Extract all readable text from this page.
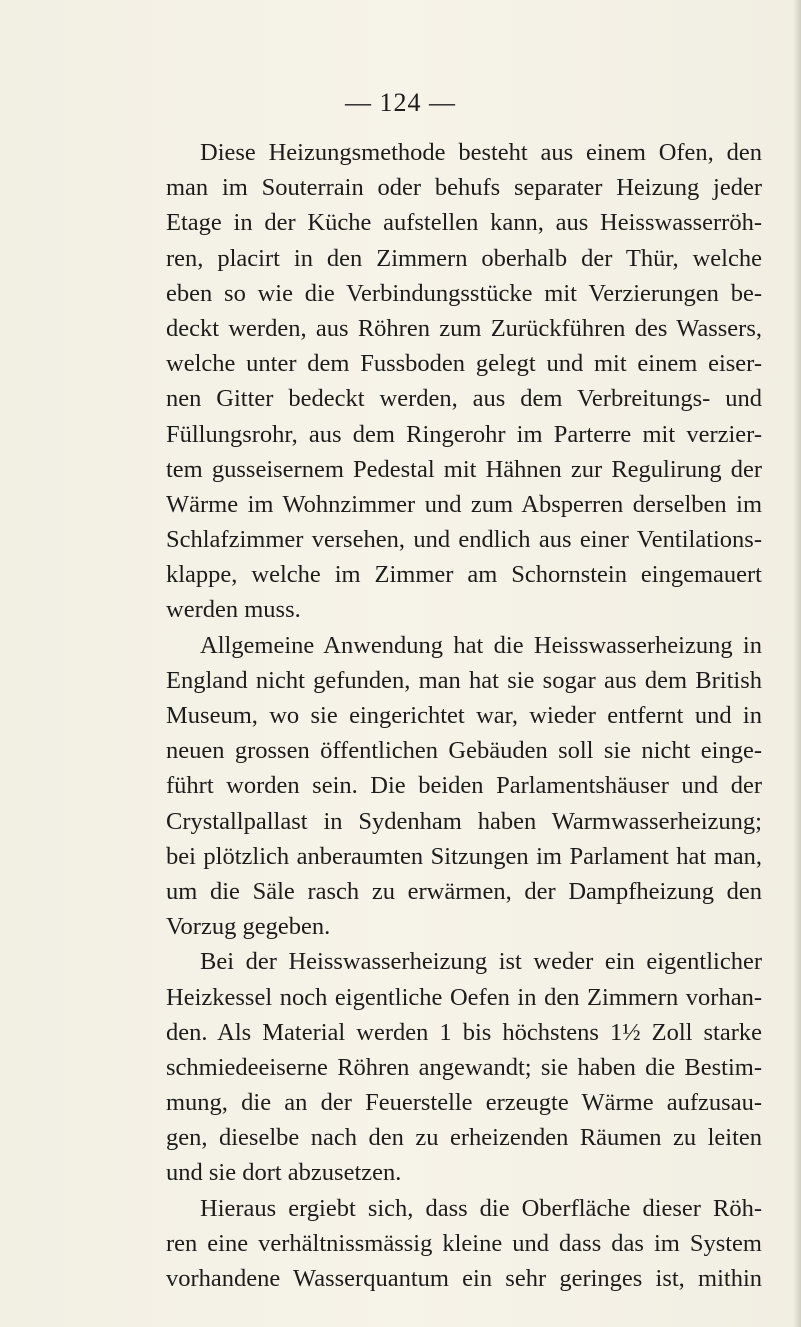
— 124 —
Diese Heizungsmethode besteht aus einem Ofen, den
man im Souterrain oder behufs separater Heizung jeder
Etage in der Küche aufstellen kann, aus Heisswasserröh-
ren, placirt in den Zimmern oberhalb der Thür, welche
eben so wie die Verbindungsstücke mit Verzierungen be-
deckt werden, aus Röhren zum Zurückführen des Wassers,
welche unter dem Fussboden gelegt und mit einem eiser-
nen Gitter bedeckt werden, aus dem Verbreitungs- und
Füllungsrohr, aus dem Ringerohr im Parterre mit verzier-
tem gusseisernem Pedestal mit Hähnen zur Regulirung der
Wärme im Wohnzimmer und zum Absperren derselben im
Schlafzimmer versehen, und endlich aus einer Ventilations-
klappe, welche im Zimmer am Schornstein eingemauert
werden muss.
Allgemeine Anwendung hat die Heisswasserheizung in
England nicht gefunden, man hat sie sogar aus dem British
Museum, wo sie eingerichtet war, wieder entfernt und in
neuen grossen öffentlichen Gebäuden soll sie nicht einge-
führt worden sein. Die beiden Parlamentshäuser und der
Crystallpallast in Sydenham haben Warmwasserheizung;
bei plötzlich anberaumten Sitzungen im Parlament hat man,
um die Säle rasch zu erwärmen, der Dampfheizung den
Vorzug gegeben.
Bei der Heisswasserheizung ist weder ein eigentlicher
Heizkessel noch eigentliche Oefen in den Zimmern vorhan-
den. Als Material werden 1 bis höchstens 1½ Zoll starke
schmiedeeiserne Röhren angewandt; sie haben die Bestim-
mung, die an der Feuerstelle erzeugte Wärme aufzusau-
gen, dieselbe nach den zu erheizenden Räumen zu leiten
und sie dort abzusetzen.
Hieraus ergiebt sich, dass die Oberfläche dieser Röh-
ren eine verhältnissmässig kleine und dass das im System
vorhandene Wasserquantum ein sehr geringes ist, mithin
